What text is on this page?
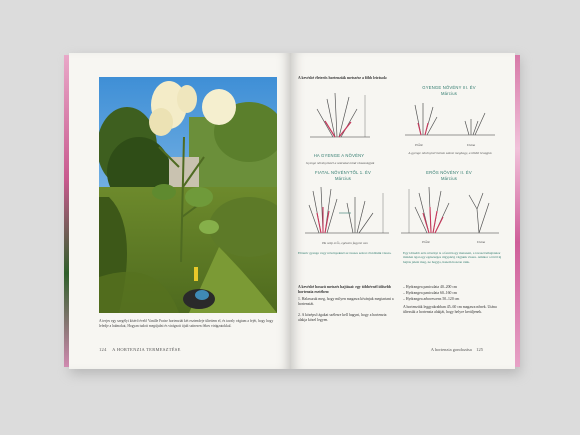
A terjes egy szegélyt kísérő évelő Vanille Fraise hortenziát két esztendeje ültettem el, és tavaly vágtam a fejét, hogy hogy lefedje a halmokat, Hogyan tudott megújulni és virágzott újult színesen fékes virágzatokkal.
124 A HORTENZIA TERMESZTÉSE
A kevésbé életerős hortenziák metszése a főbb leírások:
HA GYENGE A NÖVÉNY
Gyenge növényeknél a szárakat mind visszavágják
GYENGE NÖVÉNY III. ÉV
Március
Előtte	Utána
A gyenge növénynél három szárat meghagy, a többit levágjuk
FIATAL NÖVÉNYTŐL 1. ÉV
Március
Ha szép erős, egészen fagyzsi van
ERŐS NÖVÉNY II. ÉV
Március
Előtte	Utána
Először gyenge vagy növényeknél az összes szárat rövidítsük vissza.	Egy idősebb erős növényt is a fenti hogy metszeni, a tavaszi kihajtáskor minden ágat egy egészséges rügypárig vágjunk vissza. Amikor a tőről új hajtás jelent meg, ne hagyja, hanem hozzon ránk.
A kevésbé hosszú metszés hajtásai: egy többévnél idősebb hortenzia esetében:
1. Halasszuk meg, hogy milyen magasra kívánjuk megtartani a hortenziát.
2. A középső ágakat szélesre kell hagyni, hogy a hortenzia alakja közel legyen.
– Hydrangea paniculata 40–200 cm
– Hydrangea paniculata 60–160 cm
– Hydrangea arborescens 50–120 cm
A hortenziák leggyakrabban 45–60 cm magasra nőnek. Utána ültessük a hortenzia alakját, hogy helyre kerüljenek.
A hortenzia gondozása 125
